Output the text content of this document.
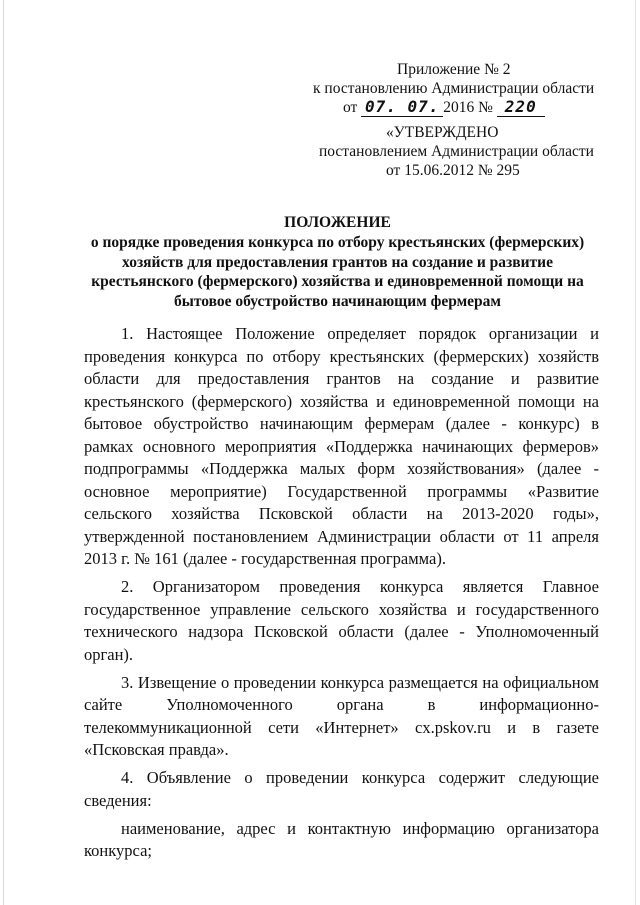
Приложение № 2
к постановлению Администрации области
от 07. 07. 2016 № 220
«УТВЕРЖДЕНО
постановлением Администрации области
от 15.06.2012 № 295
ПОЛОЖЕНИЕ
о порядке проведения конкурса по отбору крестьянских (фермерских) хозяйств для предоставления грантов на создание и развитие крестьянского (фермерского) хозяйства и единовременной помощи на бытовое обустройство начинающим фермерам

1. Настоящее Положение определяет порядок организации и проведения конкурса по отбору крестьянских (фермерских) хозяйств области для предоставления грантов на создание и развитие крестьянского (фермерского) хозяйства и единовременной помощи на бытовое обустройство начинающим фермерам (далее - конкурс) в рамках основного мероприятия «Поддержка начинающих фермеров» подпрограммы «Поддержка малых форм хозяйствования» (далее - основное мероприятие) Государственной программы «Развитие сельского хозяйства Псковской области на 2013-2020 годы», утвержденной постановлением Администрации области от 11 апреля 2013 г. № 161 (далее - государственная программа).

2. Организатором проведения конкурса является Главное государственное управление сельского хозяйства и государственного технического надзора Псковской области (далее - Уполномоченный орган).

3. Извещение о проведении конкурса размещается на официальном сайте Уполномоченного органа в информационно-телекоммуникационной сети «Интернет» cx.pskov.ru и в газете «Псковская правда».

4. Объявление о проведении конкурса содержит следующие сведения:

наименование, адрес и контактную информацию организатора конкурса;
